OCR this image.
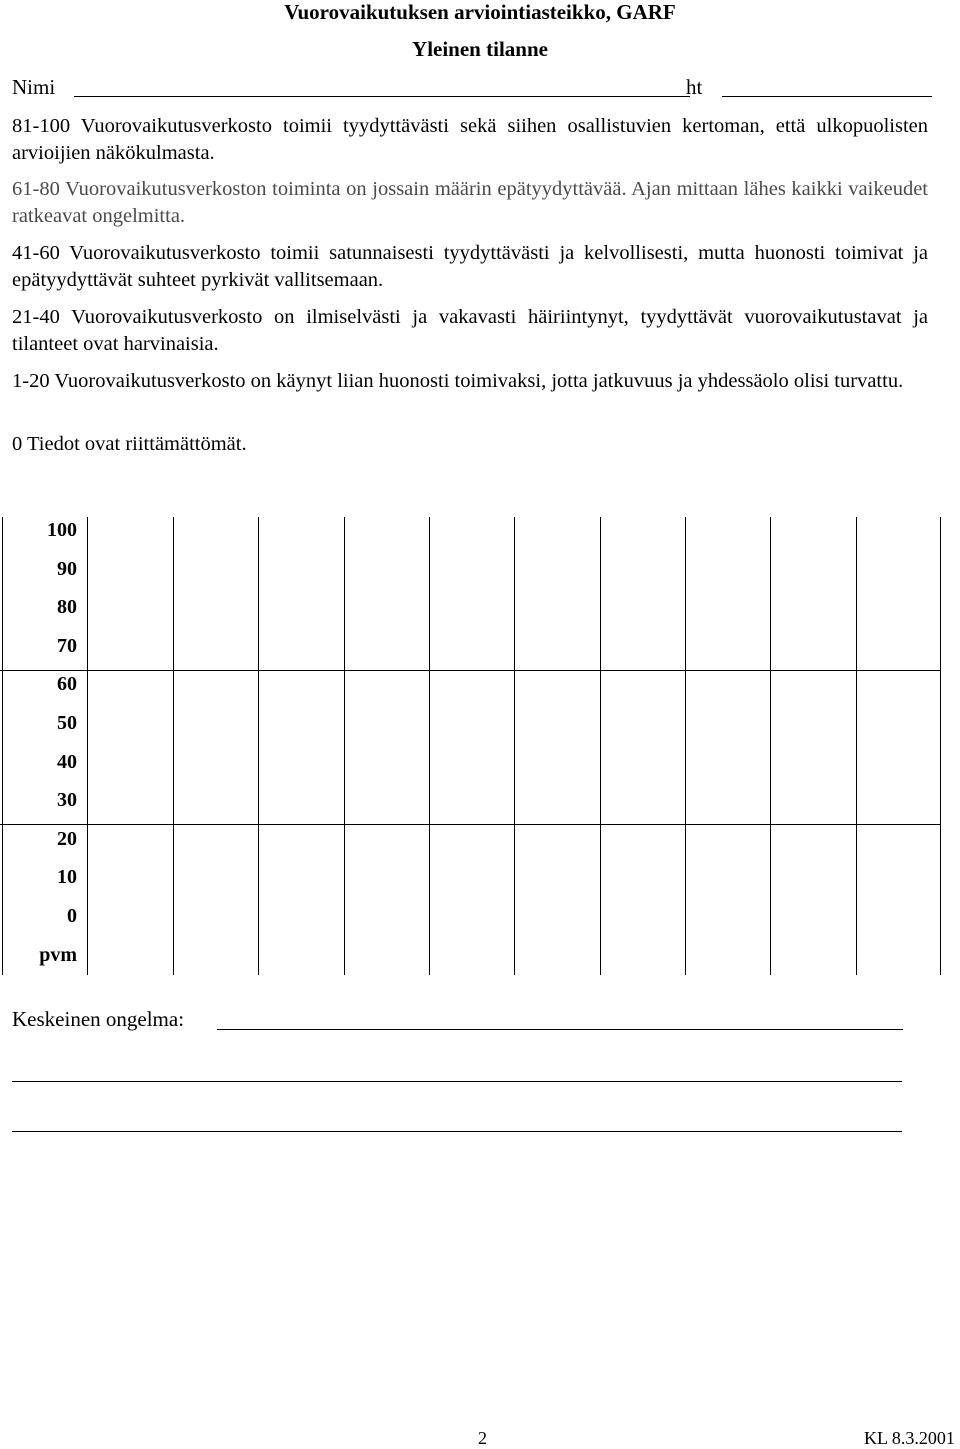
Vuorovaikutuksen arviointiasteikko, GARF
Yleinen tilanne
Nimi	ht

81-100 Vuorovaikutusverkosto toimii tyydyttävästi sekä siihen osallistuvien kertoman, että ulkopuolisten arvioijien näkökulmasta.

61-80 Vuorovaikutusverkoston toiminta on jossain määrin epätyydyttävää. Ajan mittaan lähes kaikki vaikeudet ratkeavat ongelmitta.

41-60 Vuorovaikutusverkosto toimii satunnaisesti tyydyttävästi ja kelvollisesti, mutta huonosti toimivat ja epätyydyttävät suhteet pyrkivät vallitsemaan.

21-40 Vuorovaikutusverkosto on ilmiselvästi ja vakavasti häiriintynyt, tyydyttävät vuorovaikutustavat ja tilanteet ovat harvinaisia.

1-20 Vuorovaikutusverkosto on käynyt liian huonosti toimivaksi, jotta jatkuvuus ja yhdessäolo olisi turvattu.

0 Tiedot ovat riittämättömät.

100
90
80
70
60
50
40
30
20
10
0
pvm
Keskeinen ongelma:
2	KL 8.3.2001
